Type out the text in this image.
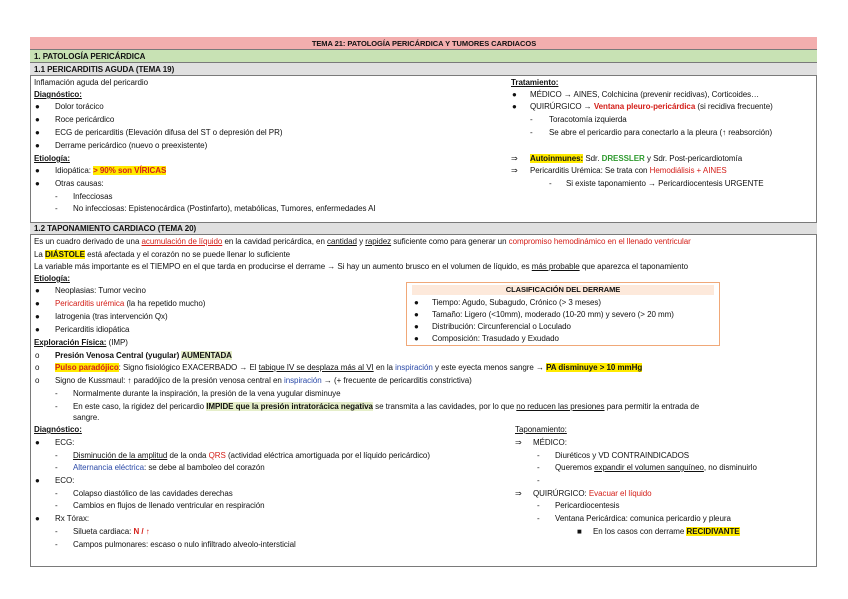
TEMA 21: PATOLOGÍA PERICÁRDICA Y TUMORES CARDIACOS
1. PATOLOGÍA PERICÁRDICA
1.1 PERICARDITIS AGUDA (TEMA 19)
Inflamación aguda del pericardio
Diagnóstico:
● Dolor torácico
● Roce pericárdico
● ECG de pericarditis (Elevación difusa del ST o depresión del PR)
● Derrame pericárdico (nuevo o preexistente)
Etiología:
● Idiopática: > 90% son VÍRICAS
● Otras causas:
- Infecciosas
- No infecciosas: Epistenocárdica (Postinfarto), metabólicas, Tumores, enfermedades AI
Tratamiento:
● MÉDICO → AINES, Colchicina (prevenir recidivas), Corticoides…
● QUIRÚRGICO → Ventana pleuro-pericárdica (si recidiva frecuente)
- Toracotomía izquierda
- Se abre el pericardio para conectarlo a la pleura (↑ reabsorción)
⇒ Autoinmunes: Sdr. DRESSLER y Sdr. Post-pericardiotomía
⇒ Pericarditis Urémica: Se trata con Hemodiálisis + AINES
- Si existe taponamiento → Pericardiocentesis URGENTE
1.2 TAPONAMIENTO CARDIACO (TEMA 20)
Es un cuadro derivado de una acumulación de líquido en la cavidad pericárdica, en cantidad y rapidez suficiente como para generar un compromiso hemodinámico en el llenado ventricular
La DIÁSTOLE está afectada y el corazón no se puede llenar lo suficiente
La variable más importante es el TIEMPO en el que tarda en producirse el derrame → Si hay un aumento brusco en el volumen de líquido, es más probable que aparezca el taponamiento
Etiología:
● Neoplasias: Tumor vecino
● Pericarditis urémica (la ha repetido mucho)
● Iatrogenia (tras intervención Qx)
● Pericarditis idiopática
CLASIFICACIÓN DEL DERRAME
● Tiempo: Agudo, Subagudo, Crónico (> 3 meses)
● Tamaño: Ligero (<10mm), moderado (10-20 mm) y severo (> 20 mm)
● Distribución: Circunferencial o Loculado
● Composición: Trasudado y Exudado
Exploración Física: (IMP)
o Presión Venosa Central (yugular) AUMENTADA
o Pulso paradójico: Signo fisiológico EXACERBADO → El tabique IV se desplaza más al VI en la inspiración y este eyecta menos sangre → PA disminuye > 10 mmHg
o Signo de Kussmaul: ↑ paradójico de la presión venosa central en inspiración → (+ frecuente de pericarditis constrictiva)
- Normalmente durante la inspiración, la presión de la vena yugular disminuye
- En este caso, la rigidez del pericardio IMPIDE que la presión intratorácica negativa se transmita a las cavidades, por lo que no reducen las presiones para permitir la entrada de
sangre.
Diagnóstico:
● ECG:
- Disminución de la amplitud de la onda QRS (actividad eléctrica amortiguada por el líquido pericárdico)
- Alternancia eléctrica: se debe al bamboleo del corazón
● ECO:
- Colapso diastólico de las cavidades derechas
- Cambios en flujos de llenado ventricular en respiración
● Rx Tórax:
- Silueta cardiaca: N / ↑
- Campos pulmonares: escaso o nulo infiltrado alveolo-intersticial
Taponamiento:
⇒ MÉDICO:
- Diuréticos y VD CONTRAINDICADOS
- Queremos expandir el volumen sanguíneo, no disminuirlo
-
⇒ QUIRÚRGICO: Evacuar el líquido
- Pericardiocentesis
- Ventana Pericárdica: comunica pericardio y pleura
■ En los casos con derrame RECIDIVANTE
